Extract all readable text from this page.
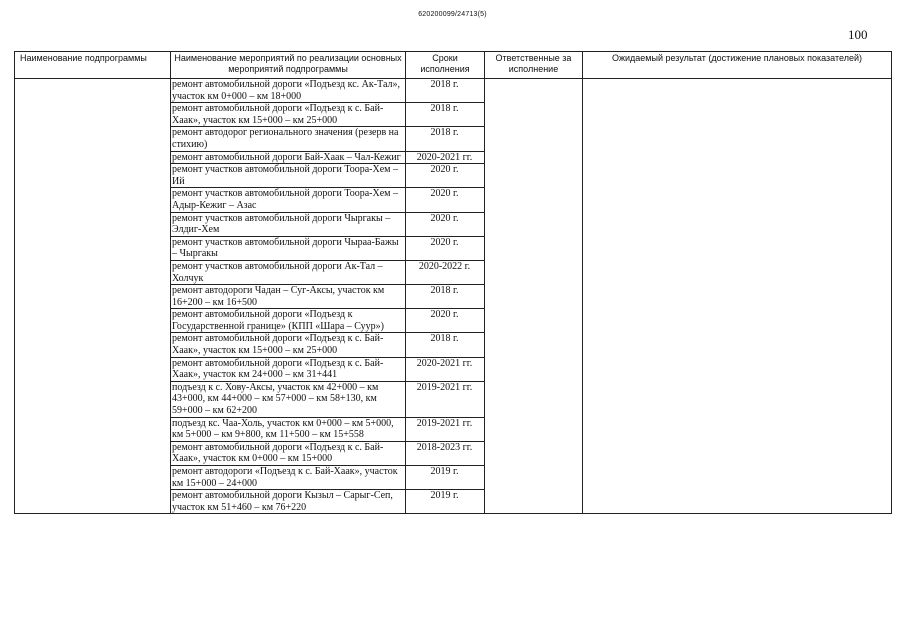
620200099/24713(5)
100
Наименование подпрограммы	Наименование мероприятий по реализации основных мероприятий подпрограммы	Сроки исполнения	Ответственные за исполнение	Ожидаемый результат (достижение плановых показателей)
	ремонт автомобильной дороги «Подъезд кс. Ак-Тал», участок км 0+000 – км 18+000	2018 г.		
	ремонт автомобильной дороги «Подъезд к с. Бай-Хаак», участок км 15+000 – км 25+000	2018 г.		
	ремонт автодорог регионального значения (резерв на стихию)	2018 г.		
	ремонт автомобильной дороги Бай-Хаак – Чал-Кежиг	2020-2021 гг.		
	ремонт участков автомобильной дороги Тоора-Хем – Ий	2020 г.		
	ремонт участков автомобильной дороги Тоора-Хем – Адыр-Кежиг – Азас	2020 г.		
	ремонт участков автомобильной дороги Чыргакы – Элдиг-Хем	2020 г.		
	ремонт участков автомобильной дороги Чыраа-Бажы – Чыргакы	2020 г.		
	ремонт участков автомобильной дороги Ак-Тал – Холчук	2020-2022 г.		
	ремонт автодороги Чадан – Суг-Аксы, участок км 16+200 – км 16+500	2018 г.		
	ремонт автомобильной дороги «Подъезд к Государственной границе» (КПП «Шара – Суур»)	2020 г.		
	ремонт автомобильной дороги «Подъезд к с. Бай-Хаак», участок км 15+000 – км 25+000	2018 г.		
	ремонт автомобильной дороги «Подъезд к с. Бай-Хаак», участок км 24+000 – км 31+441	2020-2021 гг.		
	подъезд к с. Хову-Аксы, участок км 42+000 – км 43+000, км 44+000 – км 57+000 – км 58+130, км 59+000 – км 62+200	2019-2021 гг.		
	подъезд кс. Чаа-Холь, участок км 0+000 – км 5+000, км 5+000 – км 9+800, км 11+500 – км 15+558	2019-2021 гг.		
	ремонт автомобильной дороги «Подъезд к с. Бай-Хаак», участок км 0+000 – км 15+000	2018-2023 гг.		
	ремонт автодороги «Подъезд к с. Бай-Хаак», участок км 15+000 – 24+000	2019 г.		
	ремонт автомобильной дороги Кызыл – Сарыг-Сеп, участок км 51+460 – км 76+220	2019 г.		
